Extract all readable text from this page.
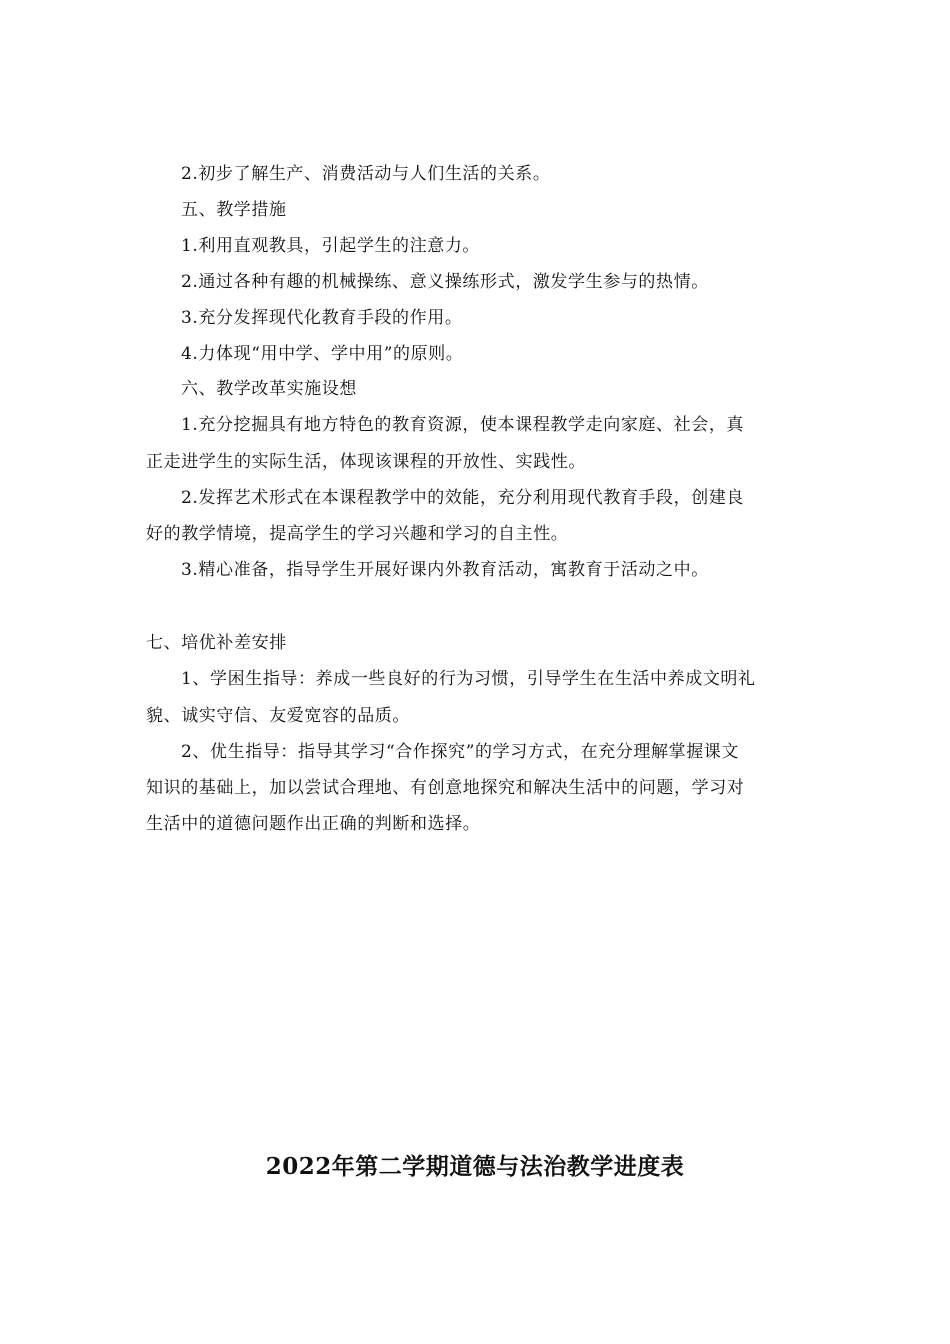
2.初步了解生产、消费活动与人们生活的关系。
五、教学措施
1.利用直观教具，引起学生的注意力。
2.通过各种有趣的机械操练、意义操练形式，激发学生参与的热情。
3.充分发挥现代化教育手段的作用。
4.力体现“用中学、学中用”的原则。
六、教学改革实施设想
1.充分挖掘具有地方特色的教育资源，使本课程教学走向家庭、社会，真
正走进学生的实际生活，体现该课程的开放性、实践性。
2.发挥艺术形式在本课程教学中的效能，充分利用现代教育手段，创建良
好的教学情境，提高学生的学习兴趣和学习的自主性。
3.精心准备，指导学生开展好课内外教育活动，寓教育于活动之中。
七、培优补差安排
1、学困生指导：养成一些良好的行为习惯，引导学生在生活中养成文明礼
貌、诚实守信、友爱宽容的品质。
2、优生指导：指导其学习“合作探究”的学习方式，在充分理解掌握课文
知识的基础上，加以尝试合理地、有创意地探究和解决生活中的问题，学习对
生活中的道德问题作出正确的判断和选择。
2022年第二学期道德与法治教学进度表
